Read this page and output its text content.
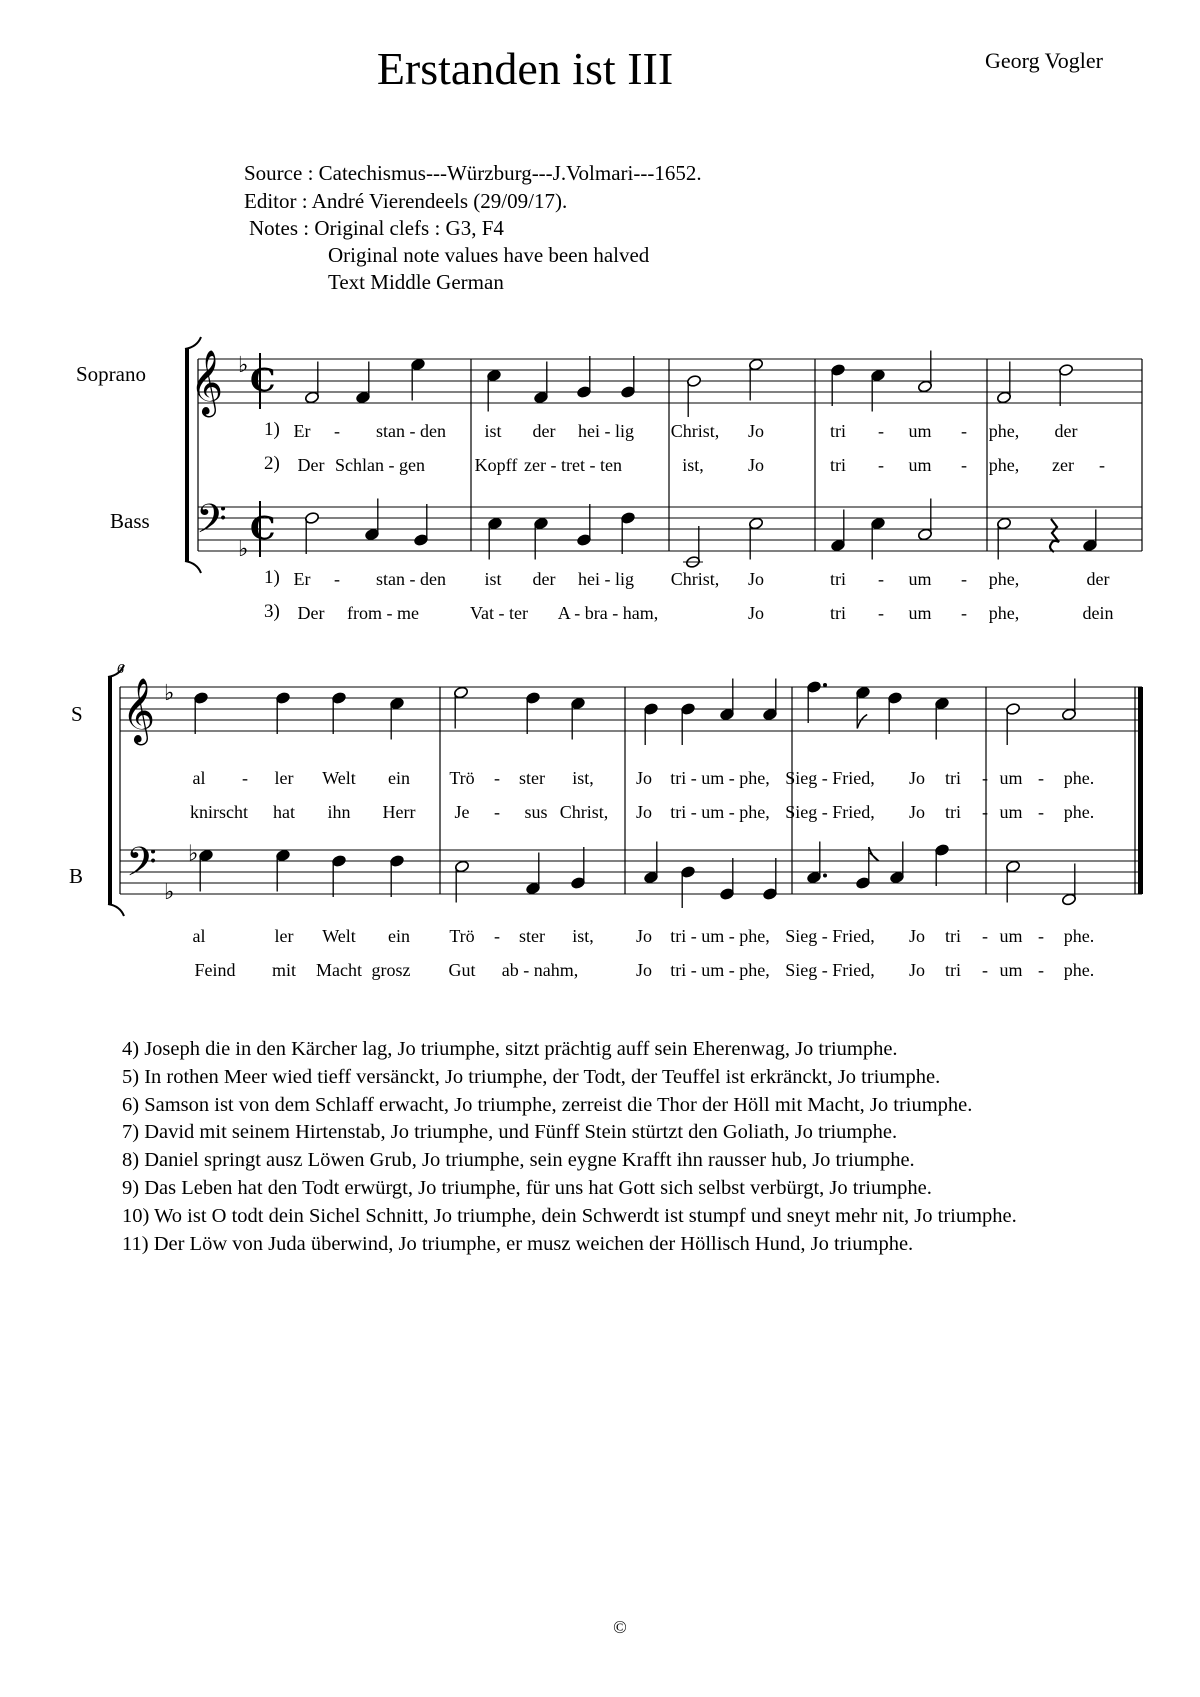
Erstanden ist III	Georg Vogler
Source : Catechismus---Würzburg---J.Volmari---1652.
Editor : André Vierendeels (29/09/17).
Notes : Original clefs : G3, F4
Original note values have been halved
Text Middle German
Soprano
Bass
S
B
6
𝄞 ♭ C
𝄢 ♭
C
𝄞 ♭
𝄢 ♭
♭
1) Er - stan - den ist der hei - lig Christ, Jo	tri - um - phe, der
2) Der Schlan - gen	Kopff zer - tret - ten	ist, Jo	tri - um - phe, zer -
1) Er - stan - den ist der hei - lig Christ, Jo	tri - um - phe,	der
3) Der from - me	Vat - ter A - bra - ham,	Jo	tri - um - phe,	dein
al - ler Welt ein Trö - ster ist, Jo tri - um - phe, Sieg - Fried, Jo tri - um - phe.
knirscht hat ihn Herr Je - sus Christ, Jo tri - um - phe, Sieg - Fried, Jo tri - um - phe.
al	ler Welt ein Trö - ster ist, Jo tri - um - phe, Sieg - Fried, Jo tri - um - phe.
Feind mit Macht grosz Gut ab - nahm,	Jo tri - um - phe, Sieg - Fried, Jo tri - um - phe.
4) Joseph die in den Kärcher lag, Jo triumphe, sitzt prächtig auff sein Eherenwag, Jo triumphe.
5) In rothen Meer wied tieff versänckt, Jo triumphe, der Todt, der Teuffel ist erkränckt, Jo triumphe.
6) Samson ist von dem Schlaff erwacht, Jo triumphe, zerreist die Thor der Höll mit Macht, Jo triumphe.
7) David mit seinem Hirtenstab, Jo triumphe, und Fünff Stein stürtzt den Goliath, Jo triumphe.
8) Daniel springt ausz Löwen Grub, Jo triumphe, sein eygne Krafft ihn rausser hub, Jo triumphe.
9) Das Leben hat den Todt erwürgt, Jo triumphe, für uns hat Gott sich selbst verbürgt, Jo triumphe.
10) Wo ist O todt dein Sichel Schnitt, Jo triumphe, dein Schwerdt ist stumpf und sneyt mehr nit, Jo triumphe.
11) Der Löw von Juda überwind, Jo triumphe, er musz weichen der Höllisch Hund, Jo triumphe.
©
